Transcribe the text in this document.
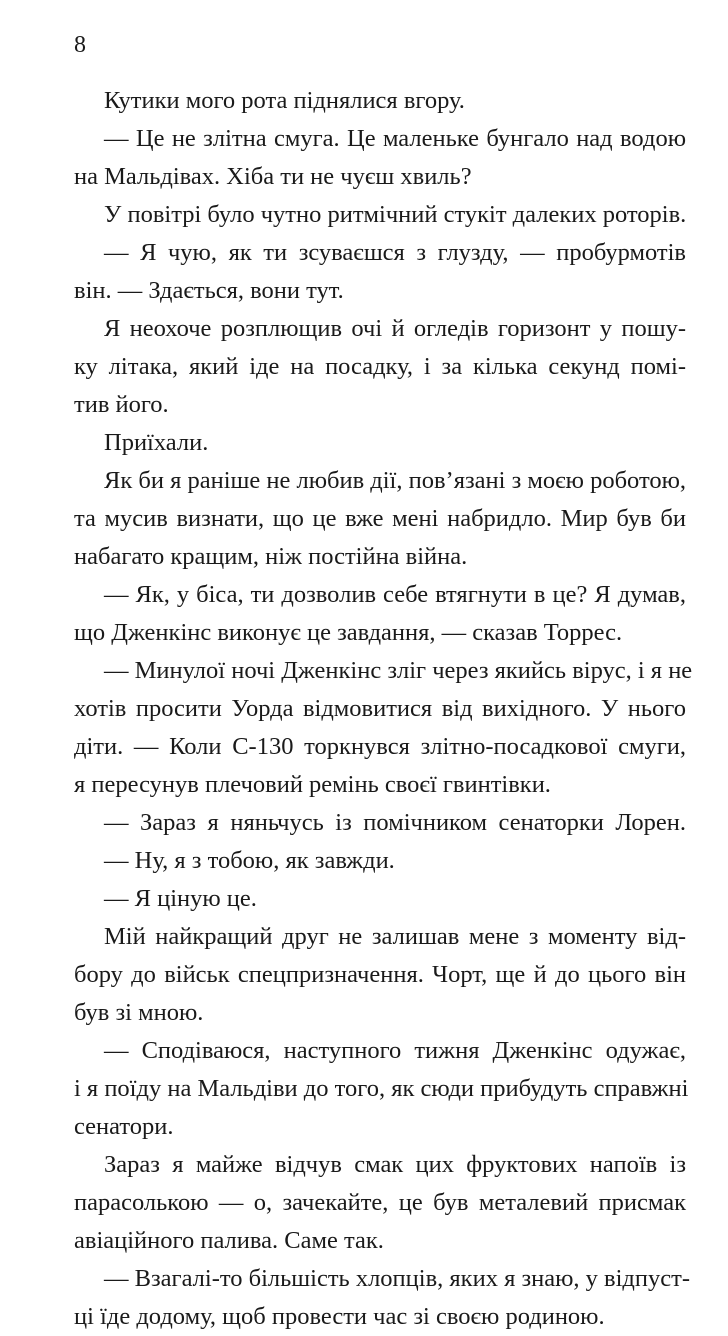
8
Кутики мого рота піднялися вгору.
— Це не злітна смуга. Це маленьке бунгало над водою
на Мальдівах. Хіба ти не чуєш хвиль?
У повітрі було чутно ритмічний стукіт далеких роторів.
— Я чую, як ти зсуваєшся з глузду, — пробурмотів
він. — Здається, вони тут.
Я неохоче розплющив очі й огледів горизонт у пошу-
ку літака, який іде на посадку, і за кілька секунд помі-
тив його.
Приїхали.
Як би я раніше не любив дії, пов’язані з моєю роботою,
та мусив визнати, що це вже мені набридло. Мир був би
набагато кращим, ніж постійна війна.
— Як, у біса, ти дозволив себе втягнути в це? Я думав,
що Дженкінс виконує це завдання, — сказав Торрес.
— Минулої ночі Дженкінс зліг через якийсь вірус, і я не
хотів просити Уорда відмовитися від вихідного. У нього
діти. — Коли С-130 торкнувся злітно-посадкової смуги,
я пересунув плечовий ремінь своєї гвинтівки.
— Зараз я няньчусь із помічником сенаторки Лорен.
— Ну, я з тобою, як завжди.
— Я ціную це.
Мій найкращий друг не залишав мене з моменту від-
бору до військ спецпризначення. Чорт, ще й до цього він
був зі мною.
— Сподіваюся, наступного тижня Дженкінс одужає,
і я поїду на Мальдіви до того, як сюди прибудуть справжні
сенатори.
Зараз я майже відчув смак цих фруктових напоїв із
парасолькою — о, зачекайте, це був металевий присмак
авіаційного палива. Саме так.
— Взагалі-то більшість хлопців, яких я знаю, у відпуст-
ці їде додому, щоб провести час зі своєю родиною.
